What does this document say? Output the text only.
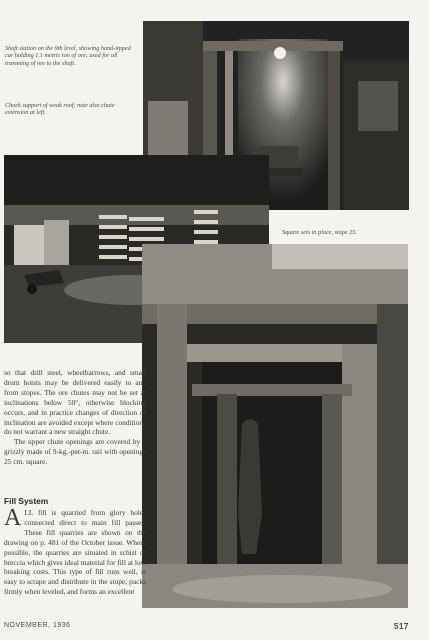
Shaft station on the 9th level, showing hand-tipped car holding 1.1 metric ton of ore; used for all tramming of ore to the shaft.
Chock support of weak roof; note also chute extension at left.
Square sets in place, stope 25.

so that drill steel, wheelbarrows, and small drum hoists may be delivered easily to and from stopes. The ore chutes may not be set at inclinations below 50°, otherwise blocking occurs, and in practice changes of direction or inclination are avoided except where conditions do not warrant a new straight chute.

The upper chute openings are covered by a grizzly made of 9-kg.-per-m. rail with openings 25 cm. square.

Fill System
ALL fill is quarried from glory holes connected direct to main fill passes. These fill quarries are shown on the drawing on p. 481 of the October issue. Where possible, the quarries are situated in schist or breccia which gives ideal material for fill at low breaking costs. This type of fill runs well, is easy to scrape and distribute in the stope, packs firmly when leveled, and forms an excellent
NOVEMBER, 1936	517
